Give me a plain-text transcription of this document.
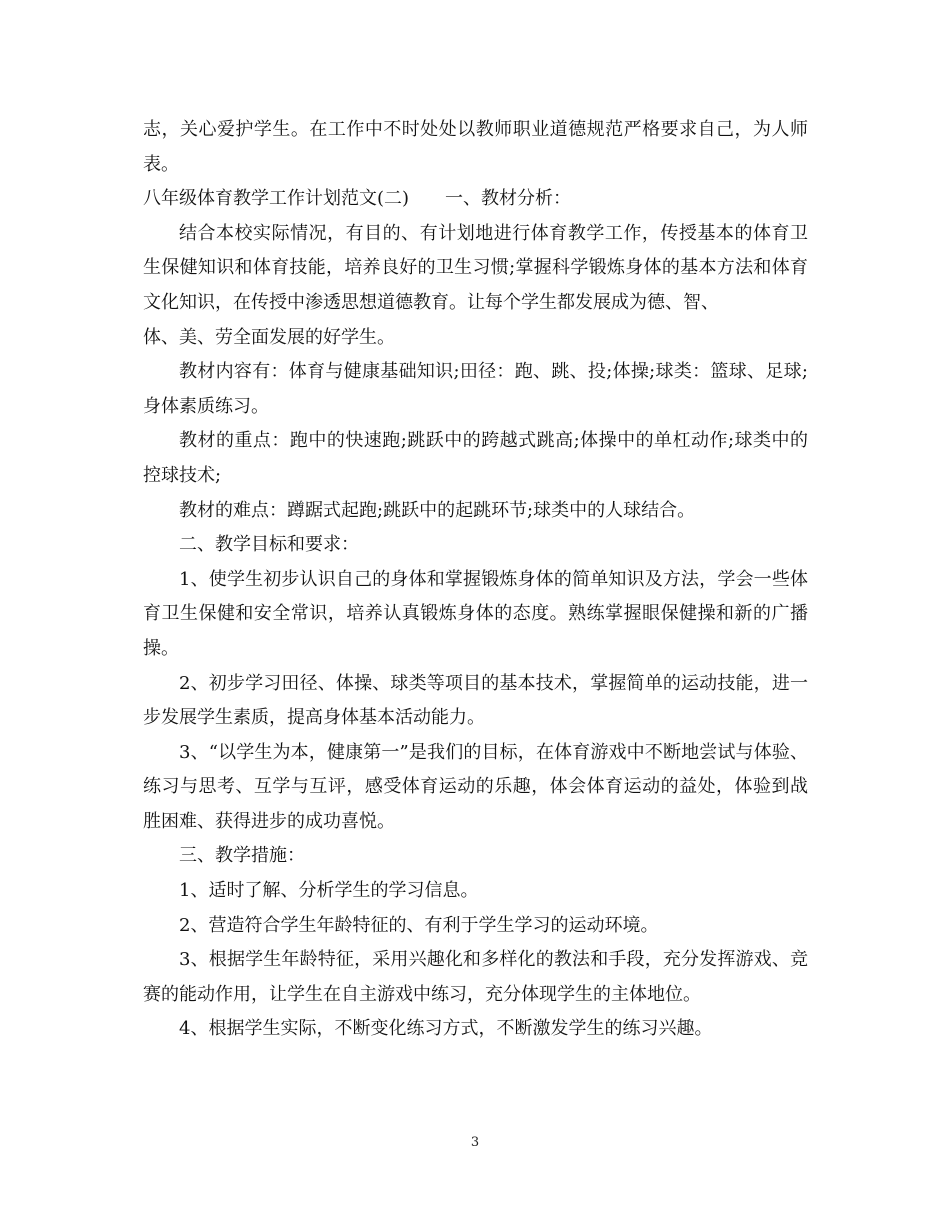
志，关心爱护学生。在工作中不时处处以教师职业道德规范严格要求自己，为人师表。

八年级体育教学工作计划范文(二)　　一、教材分析：

结合本校实际情况，有目的、有计划地进行体育教学工作，传授基本的体育卫生保健知识和体育技能，培养良好的卫生习惯;掌握科学锻炼身体的基本方法和体育文化知识，在传授中渗透思想道德教育。让每个学生都发展成为德、智、
体、美、劳全面发展的好学生。

教材内容有：体育与健康基础知识;田径：跑、跳、投;体操;球类：篮球、足球;身体素质练习。

教材的重点：跑中的快速跑;跳跃中的跨越式跳高;体操中的单杠动作;球类中的控球技术;

教材的难点：蹲踞式起跑;跳跃中的起跳环节;球类中的人球结合。

二、教学目标和要求：

1、使学生初步认识自己的身体和掌握锻炼身体的简单知识及方法，学会一些体育卫生保健和安全常识，培养认真锻炼身体的态度。熟练掌握眼保健操和新的广播操。

2、初步学习田径、体操、球类等项目的基本技术，掌握简单的运动技能，进一步发展学生素质，提高身体基本活动能力。

3、“以学生为本，健康第一”是我们的目标，在体育游戏中不断地尝试与体验、练习与思考、互学与互评，感受体育运动的乐趣，体会体育运动的益处，体验到战胜困难、获得进步的成功喜悦。

三、教学措施：

1、适时了解、分析学生的学习信息。

2、营造符合学生年龄特征的、有利于学生学习的运动环境。

3、根据学生年龄特征，采用兴趣化和多样化的教法和手段，充分发挥游戏、竞赛的能动作用，让学生在自主游戏中练习，充分体现学生的主体地位。

4、根据学生实际，不断变化练习方式，不断激发学生的练习兴趣。

3
